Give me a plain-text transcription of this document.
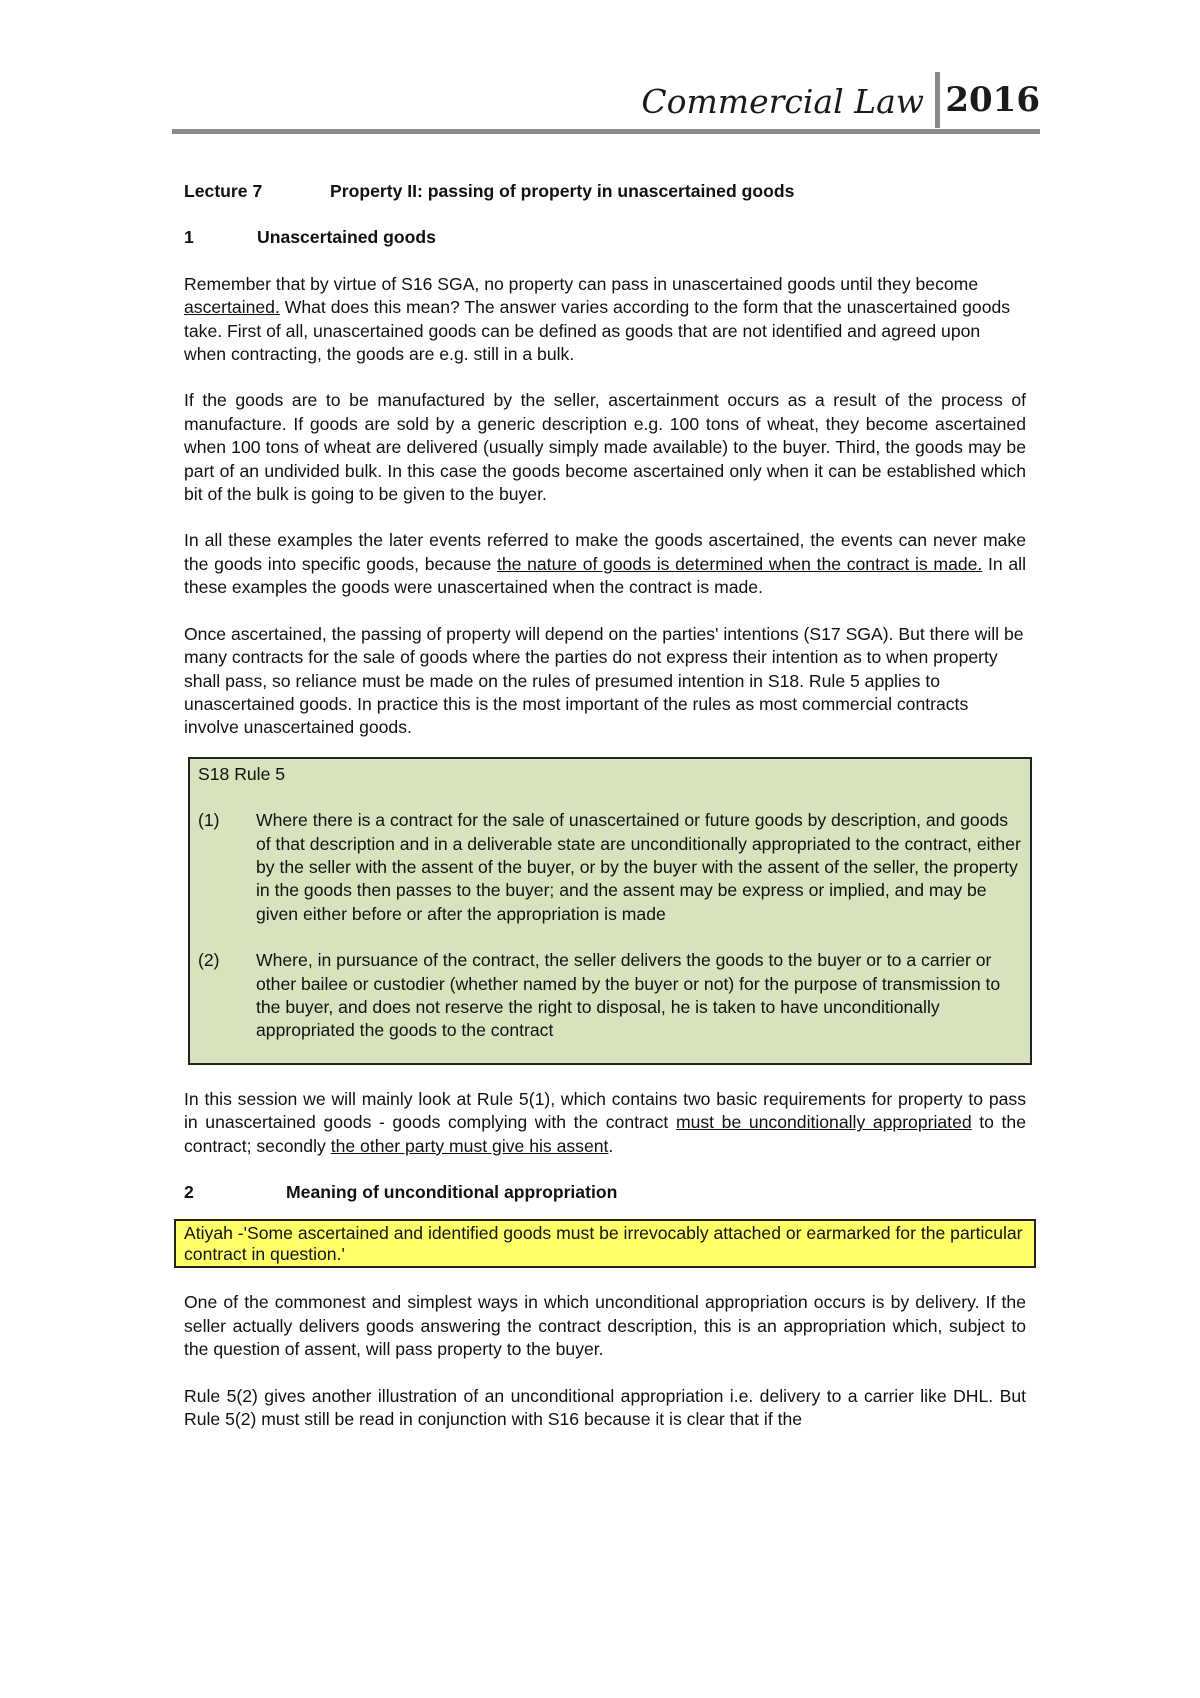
Commercial Law 2016
Lecture 7	Property II: passing of property in unascertained goods
1	Unascertained goods

Remember that by virtue of S16 SGA, no property can pass in unascertained goods until they become ascertained. What does this mean? The answer varies according to the form that the unascertained goods take. First of all, unascertained goods can be defined as goods that are not identified and agreed upon when contracting, the goods are e.g. still in a bulk.

If the goods are to be manufactured by the seller, ascertainment occurs as a result of the process of manufacture. If goods are sold by a generic description e.g. 100 tons of wheat, they become ascertained when 100 tons of wheat are delivered (usually simply made available) to the buyer. Third, the goods may be part of an undivided bulk. In this case the goods become ascertained only when it can be established which bit of the bulk is going to be given to the buyer.

In all these examples the later events referred to make the goods ascertained, the events can never make the goods into specific goods, because the nature of goods is determined when the contract is made. In all these examples the goods were unascertained when the contract is made.

Once ascertained, the passing of property will depend on the parties' intentions (S17 SGA). But there will be many contracts for the sale of goods where the parties do not express their intention as to when property shall pass, so reliance must be made on the rules of presumed intention in S18. Rule 5 applies to unascertained goods. In practice this is the most important of the rules as most commercial contracts involve unascertained goods.

S18 Rule 5
(1)	Where there is a contract for the sale of unascertained or future goods by description, and goods of that description and in a deliverable state are unconditionally appropriated to the contract, either by the seller with the assent of the buyer, or by the buyer with the assent of the seller, the property in the goods then passes to the buyer; and the assent may be express or implied, and may be given either before or after the appropriation is made
(2)	Where, in pursuance of the contract, the seller delivers the goods to the buyer or to a carrier or other bailee or custodier (whether named by the buyer or not) for the purpose of transmission to the buyer, and does not reserve the right to disposal, he is taken to have unconditionally appropriated the goods to the contract

In this session we will mainly look at Rule 5(1), which contains two basic requirements for property to pass in unascertained goods - goods complying with the contract must be unconditionally appropriated to the contract; secondly the other party must give his assent.

2	Meaning of unconditional appropriation
Atiyah -'Some ascertained and identified goods must be irrevocably attached or earmarked for the particular contract in question.'

One of the commonest and simplest ways in which unconditional appropriation occurs is by delivery. If the seller actually delivers goods answering the contract description, this is an appropriation which, subject to the question of assent, will pass property to the buyer.

Rule 5(2) gives another illustration of an unconditional appropriation i.e. delivery to a carrier like DHL. But Rule 5(2) must still be read in conjunction with S16 because it is clear that if the
